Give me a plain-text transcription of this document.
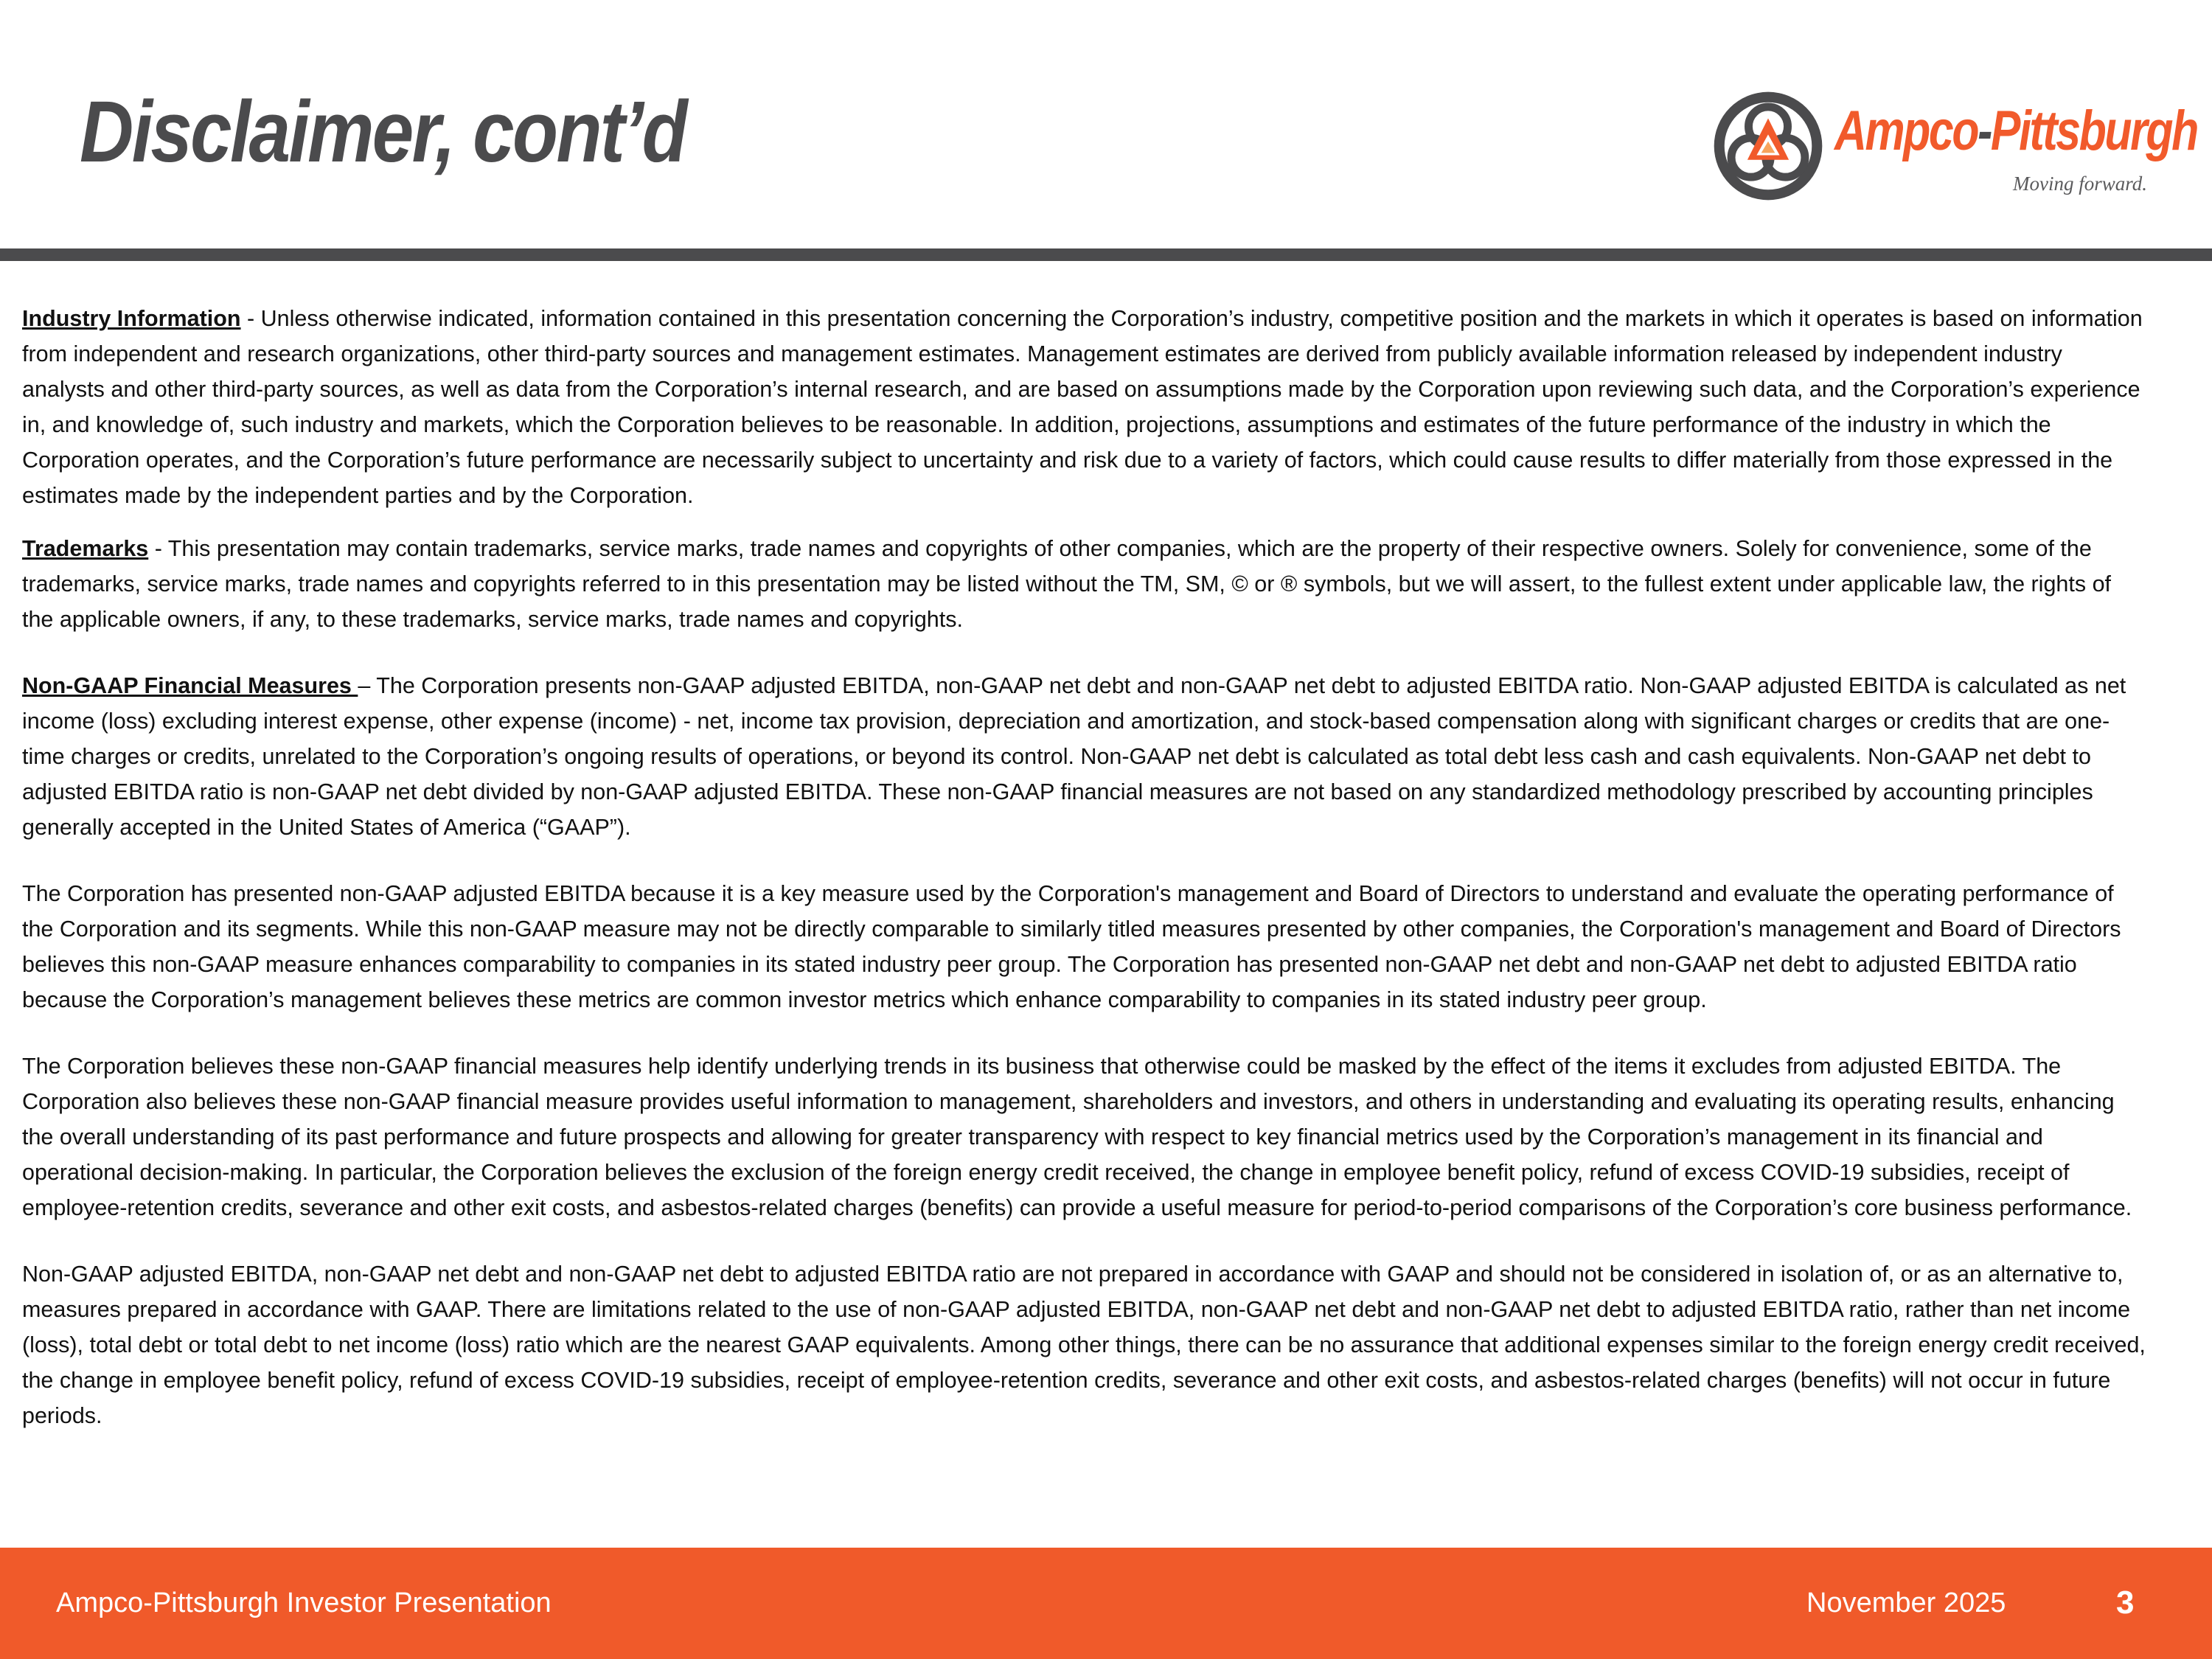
Disclaimer, cont’d	Ampco-Pittsburgh
Moving forward.

Industry Information - Unless otherwise indicated, information contained in this presentation concerning the Corporation’s industry, competitive position and the markets in which it operates is based on information from independent and research organizations, other third-party sources and management estimates. Management estimates are derived from publicly available information released by independent industry analysts and other third-party sources, as well as data from the Corporation’s internal research, and are based on assumptions made by the Corporation upon reviewing such data, and the Corporation’s experience in, and knowledge of, such industry and markets, which the Corporation believes to be reasonable. In addition, projections, assumptions and estimates of the future performance of the industry in which the Corporation operates, and the Corporation’s future performance are necessarily subject to uncertainty and risk due to a variety of factors, which could cause results to differ materially from those expressed in the estimates made by the independent parties and by the Corporation.

Trademarks - This presentation may contain trademarks, service marks, trade names and copyrights of other companies, which are the property of their respective owners. Solely for convenience, some of the trademarks, service marks, trade names and copyrights referred to in this presentation may be listed without the TM, SM, © or ® symbols, but we will assert, to the fullest extent under applicable law, the rights of the applicable owners, if any, to these trademarks, service marks, trade names and copyrights.

Non-GAAP Financial Measures – The Corporation presents non-GAAP adjusted EBITDA, non-GAAP net debt and non-GAAP net debt to adjusted EBITDA ratio. Non-GAAP adjusted EBITDA is calculated as net income (loss) excluding interest expense, other expense (income) - net, income tax provision, depreciation and amortization, and stock-based compensation along with significant charges or credits that are one-time charges or credits, unrelated to the Corporation’s ongoing results of operations, or beyond its control. Non-GAAP net debt is calculated as total debt less cash and cash equivalents. Non-GAAP net debt to adjusted EBITDA ratio is non-GAAP net debt divided by non-GAAP adjusted EBITDA. These non-GAAP financial measures are not based on any standardized methodology prescribed by accounting principles generally accepted in the United States of America (“GAAP”).

The Corporation has presented non-GAAP adjusted EBITDA because it is a key measure used by the Corporation's management and Board of Directors to understand and evaluate the operating performance of the Corporation and its segments. While this non-GAAP measure may not be directly comparable to similarly titled measures presented by other companies, the Corporation's management and Board of Directors believes this non-GAAP measure enhances comparability to companies in its stated industry peer group. The Corporation has presented non-GAAP net debt and non-GAAP net debt to adjusted EBITDA ratio because the Corporation’s management believes these metrics are common investor metrics which enhance comparability to companies in its stated industry peer group.

The Corporation believes these non-GAAP financial measures help identify underlying trends in its business that otherwise could be masked by the effect of the items it excludes from adjusted EBITDA. The Corporation also believes these non-GAAP financial measure provides useful information to management, shareholders and investors, and others in understanding and evaluating its operating results, enhancing the overall understanding of its past performance and future prospects and allowing for greater transparency with respect to key financial metrics used by the Corporation’s management in its financial and operational decision-making. In particular, the Corporation believes the exclusion of the foreign energy credit received, the change in employee benefit policy, refund of excess COVID-19 subsidies, receipt of employee-retention credits, severance and other exit costs, and asbestos-related charges (benefits) can provide a useful measure for period-to-period comparisons of the Corporation’s core business performance.

Non-GAAP adjusted EBITDA, non-GAAP net debt and non-GAAP net debt to adjusted EBITDA ratio are not prepared in accordance with GAAP and should not be considered in isolation of, or as an alternative to, measures prepared in accordance with GAAP. There are limitations related to the use of non-GAAP adjusted EBITDA, non-GAAP net debt and non-GAAP net debt to adjusted EBITDA ratio, rather than net income (loss), total debt or total debt to net income (loss) ratio which are the nearest GAAP equivalents. Among other things, there can be no assurance that additional expenses similar to the foreign energy credit received, the change in employee benefit policy, refund of excess COVID-19 subsidies, receipt of employee-retention credits, severance and other exit costs, and asbestos-related charges (benefits) will not occur in future periods.

Ampco-Pittsburgh Investor Presentation	November 2025	3
